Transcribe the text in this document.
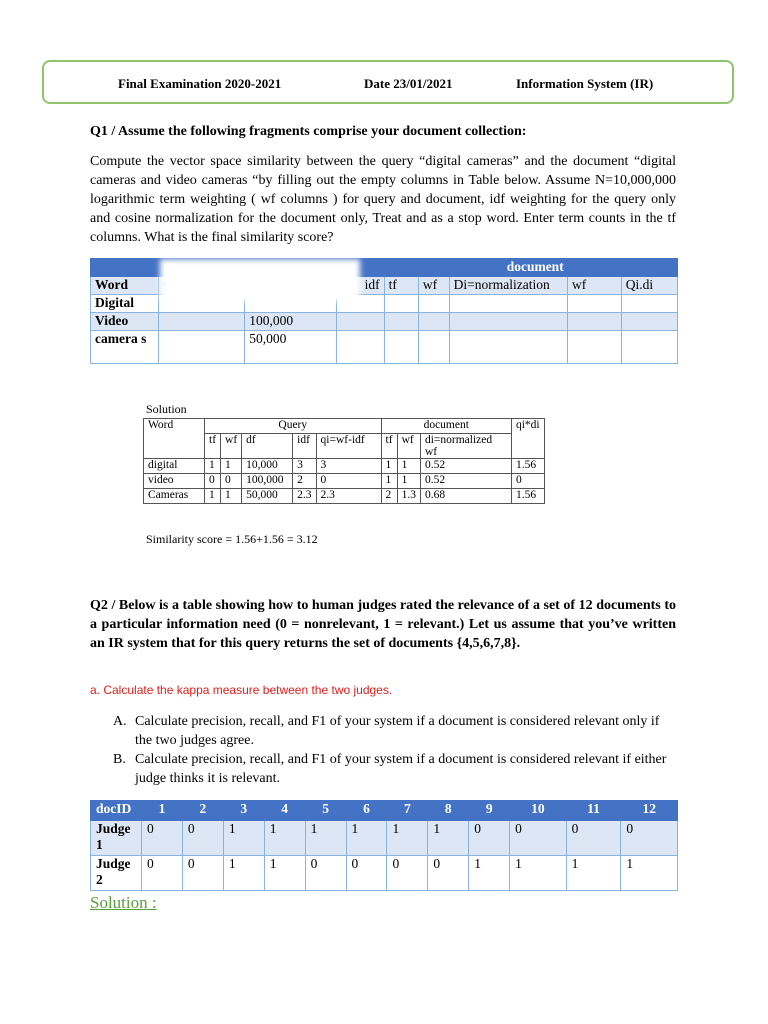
Final Examination 2020-2021	Date 23/01/2021	Information System (IR)
Q1 / Assume the following fragments comprise your document collection:
Compute the vector space similarity between the query “digital cameras” and the document “digital cameras and video cameras “by filling out the empty columns in Table below. Assume N=10,000,000 logarithmic term weighting ( wf columns ) for query and document, idf weighting for the query only and cosine normalization for the document only, Treat and as a stop word. Enter term counts in the tf columns. What is the final similarity score?
						document		
Word			idf	tf	wf	Di=normalization	wf	Qi.di
Digital								
Video		100,000						
camera s		50,000						
Solution
Word	Query					document			qi*di
	tf	wf	df	idf	qi=wf-idf	tf	wf	di=normalized wf	
digital	1	1	10,000	3	3	1	1	0.52	1.56
video	0	0	100,000	2	0	1	1	0.52	0
Cameras	1	1	50,000	2.3	2.3	2	1.3	0.68	1.56
Similarity score = 1.56+1.56 = 3.12
Q2 / Below is a table showing how to human judges rated the relevance of a set of 12 documents to a particular information need (0 = nonrelevant, 1 = relevant.) Let us assume that you’ve written an IR system that for this query returns the set of documents {4,5,6,7,8}.
a. Calculate the kappa measure between the two judges.
A. Calculate precision, recall, and F1 of your system if a document is considered relevant only if the two judges agree.
B. Calculate precision, recall, and F1 of your system if a document is considered relevant if either judge thinks it is relevant.
docID	1	2	3	4	5	6	7	8	9	10	11	12
Judge 1	0	0	1	1	1	1	1	1	0	0	0	0
Judge 2	0	0	1	1	0	0	0	0	1	1	1	1
Solution :
